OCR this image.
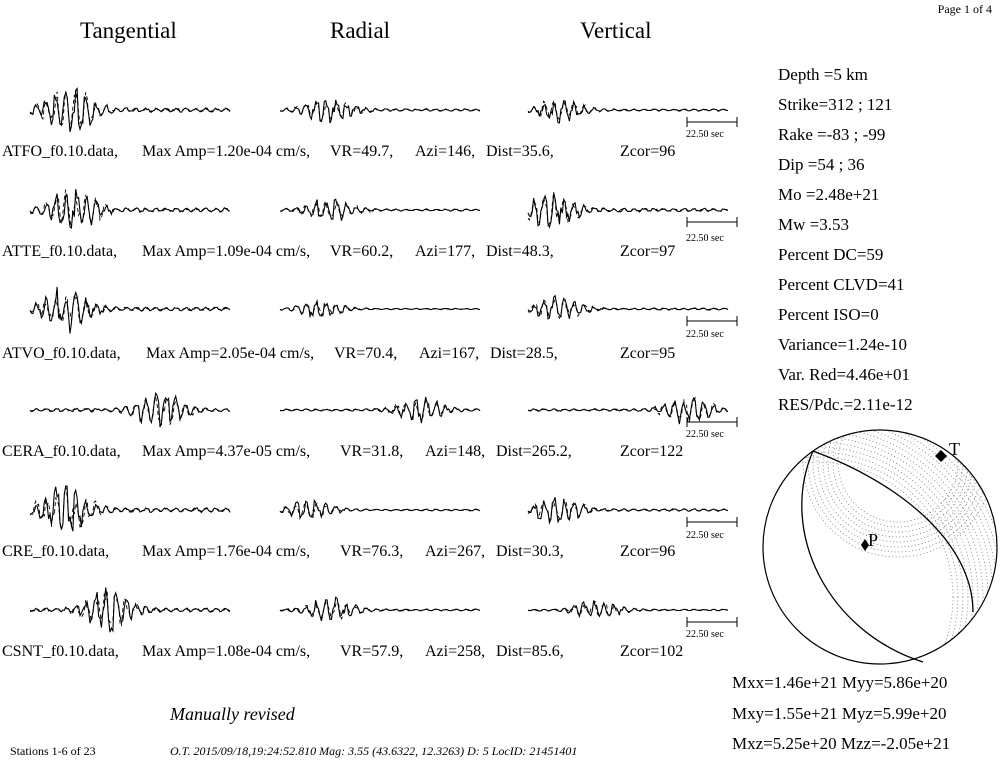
Page 1 of 4
Tangential	Radial	Vertical
ATFO_f0.10.data, Max Amp=1.20e-04 cm/s, VR=49.7, Azi=146, Dist=35.6,	Zcor=96
22.50 sec
ATTE_f0.10.data, Max Amp=1.09e-04 cm/s, VR=60.2, Azi=177, Dist=48.3,	Zcor=97
22.50 sec
ATVO_f0.10.data, Max Amp=2.05e-04 cm/s, VR=70.4, Azi=167, Dist=28.5,	Zcor=95
22.50 sec
CERA_f0.10.data, Max Amp=4.37e-05 cm/s, VR=31.8, Azi=148, Dist=265.2,	Zcor=122
22.50 sec
CRE_f0.10.data, Max Amp=1.76e-04 cm/s, VR=76.3, Azi=267, Dist=30.3,	Zcor=96
22.50 sec
CSNT_f0.10.data, Max Amp=1.08e-04 cm/s, VR=57.9, Azi=258, Dist=85.6,	Zcor=102
22.50 sec
Depth =5 km
Strike=312 ; 121
Rake =-83 ; -99
Dip =54 ; 36
Mo =2.48e+21
Mw =3.53
Percent DC=59
Percent CLVD=41
Percent ISO=0
Variance=1.24e-10
Var. Red=4.46e+01
RES/Pdc.=2.11e-12
T
P
Mxx=1.46e+21 Myy=5.86e+20
Mxy=1.55e+21 Myz=5.99e+20
Mxz=5.25e+20 Mzz=-2.05e+21
Manually revised
Stations 1-6 of 23	O.T. 2015/09/18,19:24:52.810 Mag: 3.55 (43.6322, 12.3263) D: 5 LocID: 21451401
